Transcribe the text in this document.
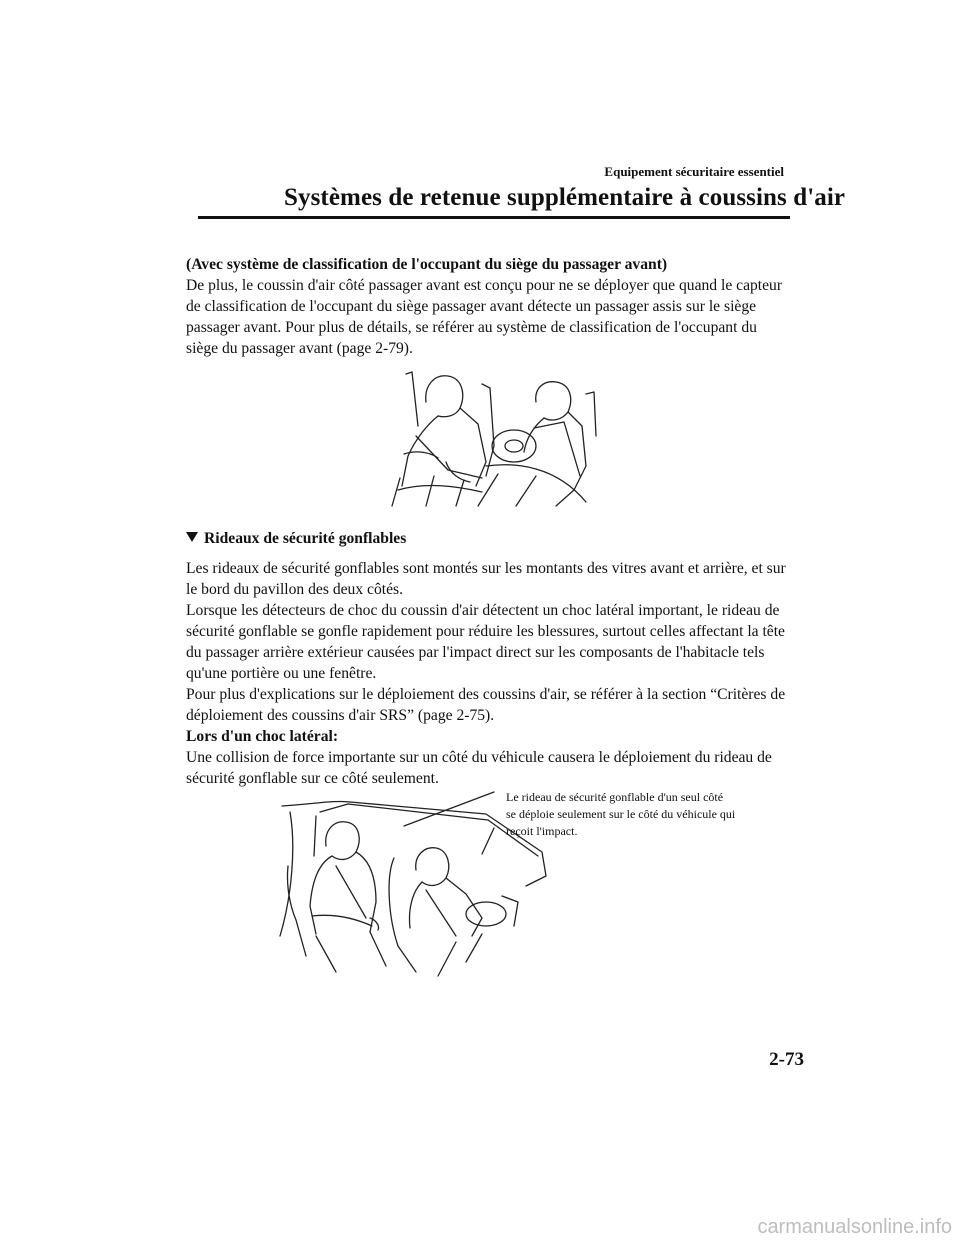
Equipement sécuritaire essentiel
Systèmes de retenue supplémentaire à coussins d'air

(Avec système de classification de l'occupant du siège du passager avant)

De plus, le coussin d'air côté passager avant est conçu pour ne se déployer que quand le capteur de classification de l'occupant du siège passager avant détecte un passager assis sur le siège passager avant. Pour plus de détails, se référer au système de classification de l'occupant du siège du passager avant (page 2-79).

Rideaux de sécurité gonflables

Les rideaux de sécurité gonflables sont montés sur les montants des vitres avant et arrière, et sur le bord du pavillon des deux côtés.

Lorsque les détecteurs de choc du coussin d'air détectent un choc latéral important, le rideau de sécurité gonflable se gonfle rapidement pour réduire les blessures, surtout celles affectant la tête du passager arrière extérieur causées par l'impact direct sur les composants de l'habitacle tels qu'une portière ou une fenêtre.

Pour plus d'explications sur le déploiement des coussins d'air, se référer à la section “Critères de déploiement des coussins d'air SRS” (page 2-75).

Lors d'un choc latéral:

Une collision de force importante sur un côté du véhicule causera le déploiement du rideau de sécurité gonflable sur ce côté seulement.

Le rideau de sécurité gonflable d'un seul côté se déploie seulement sur le côté du véhicule qui reçoit l'impact.
2-73
carmanualsonline.info
